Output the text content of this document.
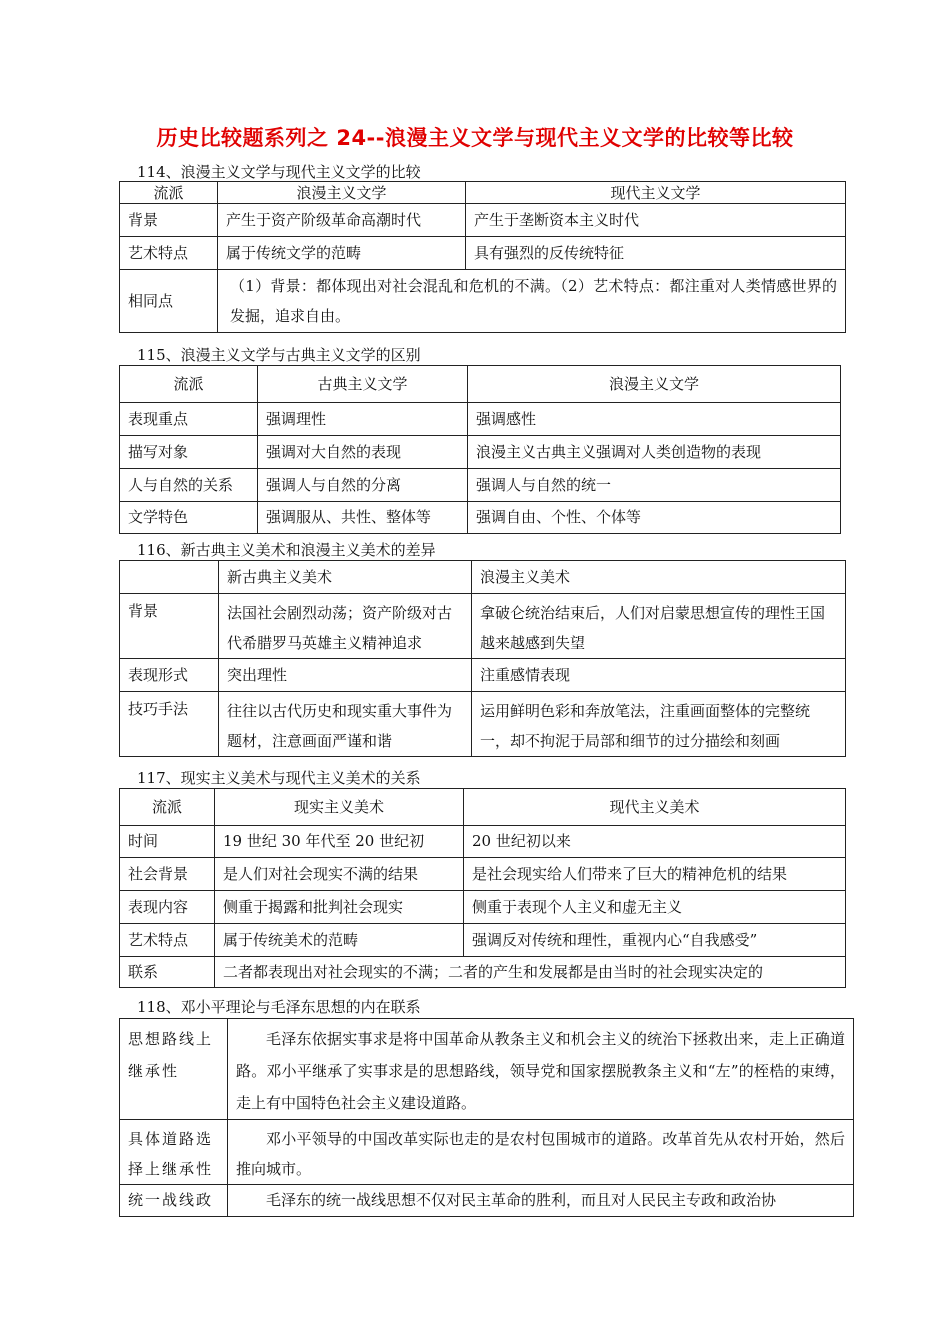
历史比较题系列之 24--浪漫主义文学与现代主义文学的比较等比较
114、浪漫主义文学与现代主义文学的比较
流派	浪漫主义文学	现代主义文学
背景	产生于资产阶级革命高潮时代	产生于垄断资本主义时代
艺术特点	属于传统文学的范畴	具有强烈的反传统特征
相同点	（1）背景：都体现出对社会混乱和危机的不满。（2）艺术特点：都注重对人类情感世界的发掘，追求自由。	
115、浪漫主义文学与古典主义文学的区别
流派	古典主义文学	浪漫主义文学
表现重点	强调理性	强调感性
描写对象	强调对大自然的表现	浪漫主义古典主义强调对人类创造物的表现
人与自然的关系	强调人与自然的分离	强调人与自然的统一
文学特色	强调服从、共性、整体等	强调自由、个性、个体等
116、新古典主义美术和浪漫主义美术的差异
	新古典主义美术	浪漫主义美术
背景	法国社会剧烈动荡；资产阶级对古代希腊罗马英雄主义精神追求	拿破仑统治结束后，人们对启蒙思想宣传的理性王国越来越感到失望
表现形式	突出理性	注重感情表现
技巧手法	往往以古代历史和现实重大事件为题材，注意画面严谨和谐	运用鲜明色彩和奔放笔法，注重画面整体的完整统一，却不拘泥于局部和细节的过分描绘和刻画
117、现实主义美术与现代主义美术的关系
流派	现实主义美术	现代主义美术
时间	19 世纪 30 年代至 20 世纪初	20 世纪初以来
社会背景	是人们对社会现实不满的结果	是社会现实给人们带来了巨大的精神危机的结果
表现内容	侧重于揭露和批判社会现实	侧重于表现个人主义和虚无主义
艺术特点	属于传统美术的范畴	强调反对传统和理性，重视内心“自我感受”
联系	二者都表现出对社会现实的不满；二者的产生和发展都是由当时的社会现实决定的	
118、邓小平理论与毛泽东思想的内在联系
思想路线上继承性	毛泽东依据实事求是将中国革命从教条主义和机会主义的统治下拯救出来，走上正确道路。邓小平继承了实事求是的思想路线，领导党和国家摆脱教条主义和“左”的桎梏的束缚，走上有中国特色社会主义建设道路。
具体道路选择上继承性	邓小平领导的中国改革实际也走的是农村包围城市的道路。改革首先从农村开始，然后推向城市。
统一战线政	毛泽东的统一战线思想不仅对民主革命的胜利，而且对人民民主专政和政治协
